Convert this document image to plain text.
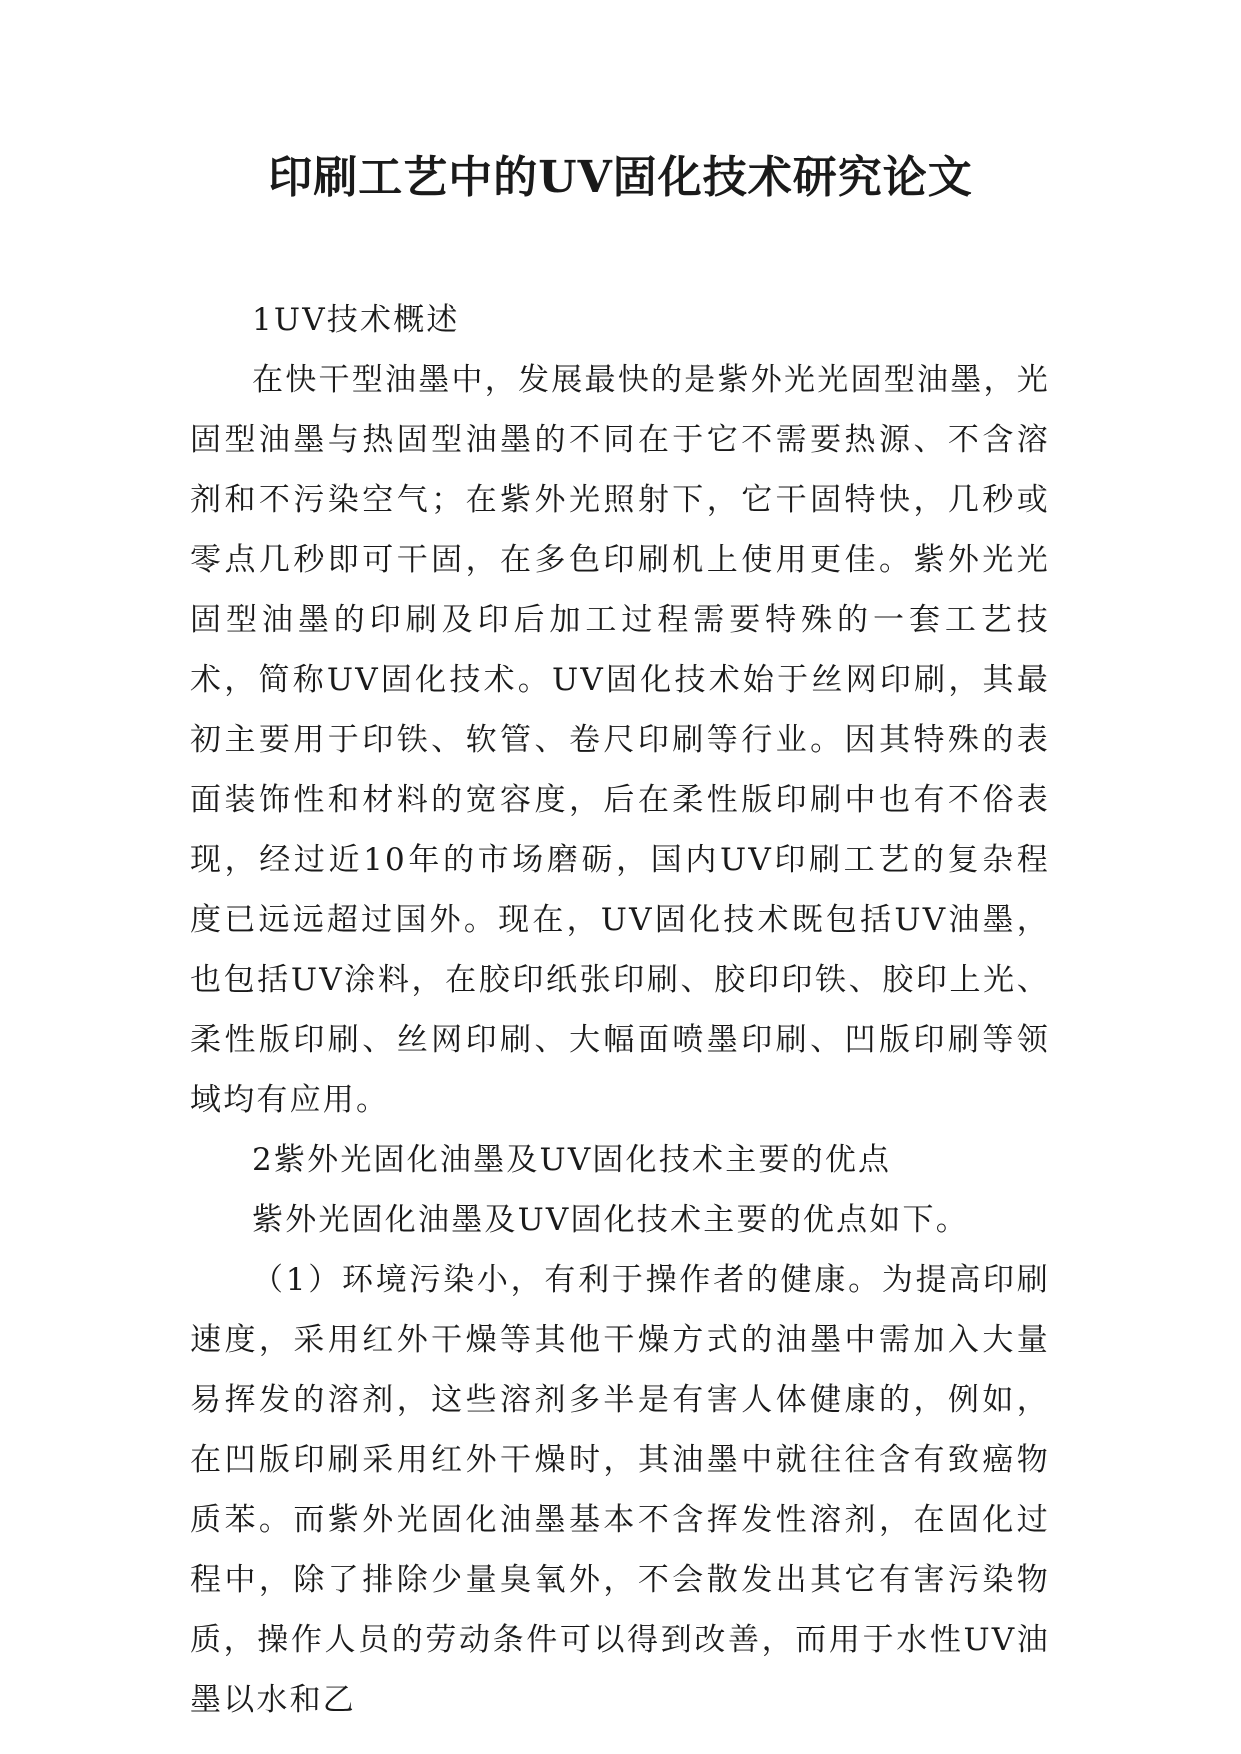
印刷工艺中的UV固化技术研究论文

1UV技术概述

在快干型油墨中，发展最快的是紫外光光固型油墨，光固型油墨与热固型油墨的不同在于它不需要热源、不含溶剂和不污染空气；在紫外光照射下，它干固特快，几秒或零点几秒即可干固，在多色印刷机上使用更佳。紫外光光固型油墨的印刷及印后加工过程需要特殊的一套工艺技术，简称UV固化技术。UV固化技术始于丝网印刷，其最初主要用于印铁、软管、卷尺印刷等行业。因其特殊的表面装饰性和材料的宽容度，后在柔性版印刷中也有不俗表现，经过近10年的市场磨砺，国内UV印刷工艺的复杂程度已远远超过国外。现在，UV固化技术既包括UV油墨，也包括UV涂料，在胶印纸张印刷、胶印印铁、胶印上光、柔性版印刷、丝网印刷、大幅面喷墨印刷、凹版印刷等领域均有应用。

2紫外光固化油墨及UV固化技术主要的优点

紫外光固化油墨及UV固化技术主要的优点如下。

（1）环境污染小，有利于操作者的健康。为提高印刷速度，采用红外干燥等其他干燥方式的油墨中需加入大量易挥发的溶剂，这些溶剂多半是有害人体健康的，例如，在凹版印刷采用红外干燥时，其油墨中就往往含有致癌物质苯。而紫外光固化油墨基本不含挥发性溶剂，在固化过程中，除了排除少量臭氧外，不会散发出其它有害污染物质，操作人员的劳动条件可以得到改善，而用于水性UV油墨以水和乙
